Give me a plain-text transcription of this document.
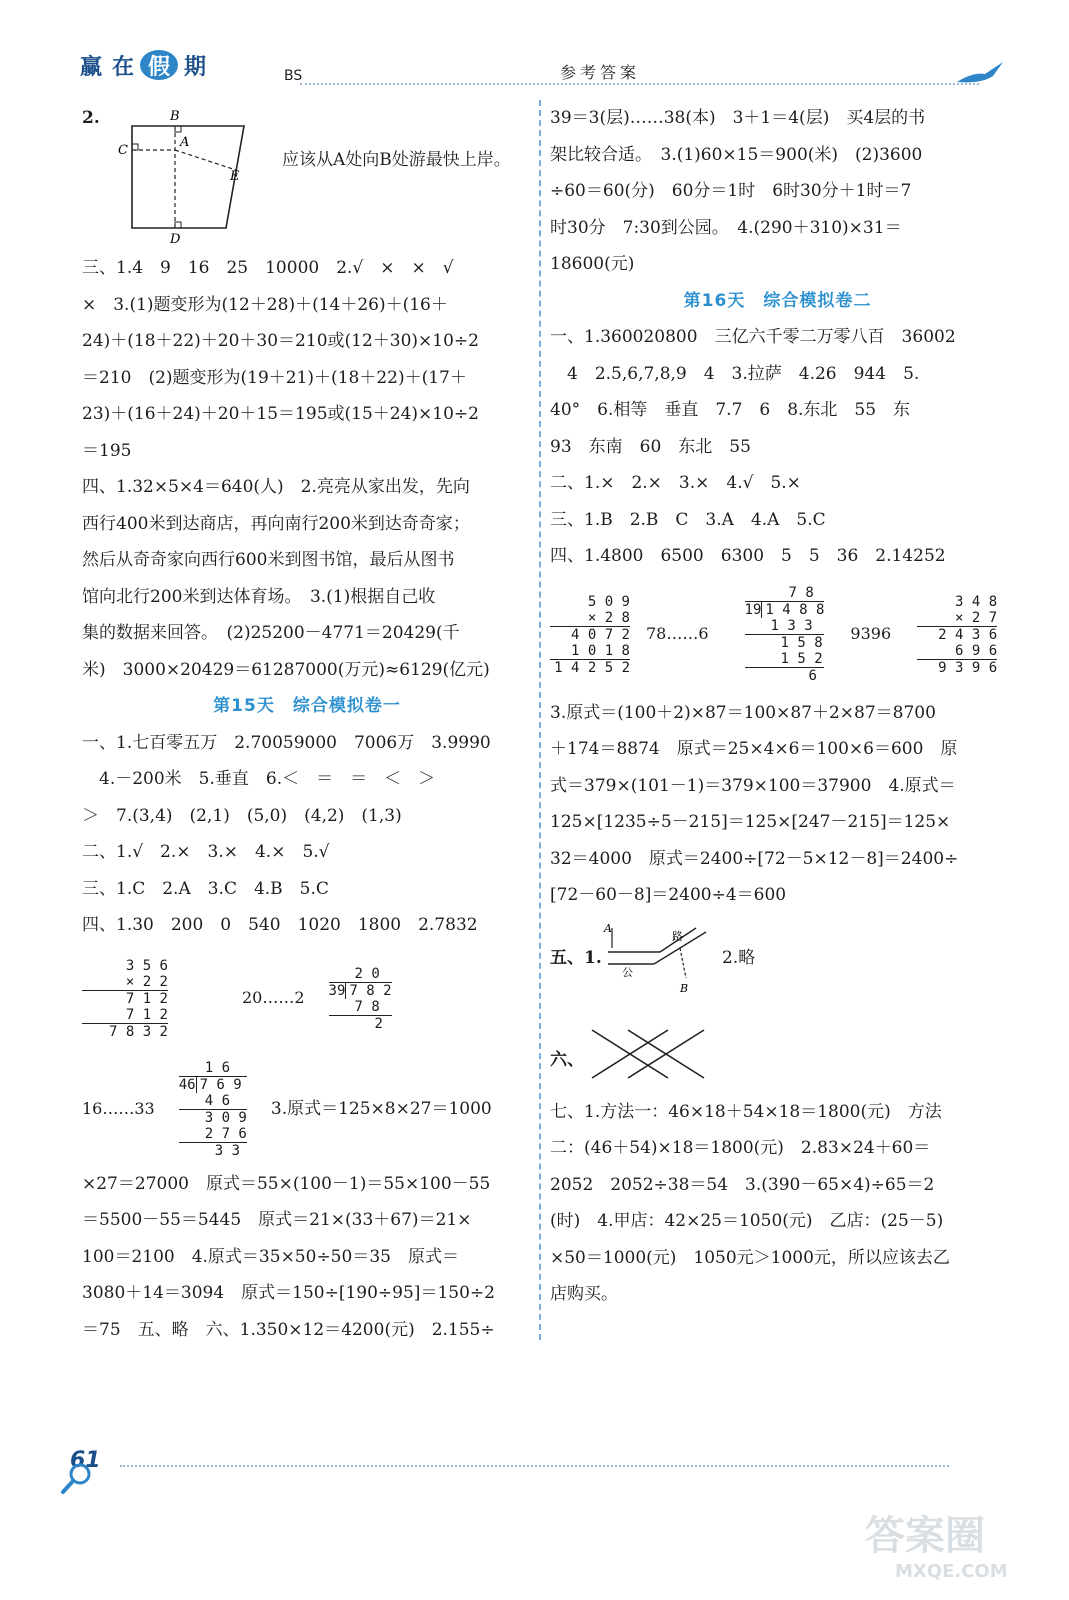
赢 在 假 期	BS	参考答案
2.	B
A
C
E
D
应该从A处向B处游最快上岸。

三、1.4　9　16　25　10000　2.√　×　×　√

×　3.(1)题变形为(12＋28)＋(14＋26)＋(16＋

24)＋(18＋22)＋20＋30＝210或(12＋30)×10÷2

＝210　(2)题变形为(19＋21)＋(18＋22)＋(17＋

23)＋(16＋24)＋20＋15＝195或(15＋24)×10÷2

＝195

四、1.32×5×4＝640(人)　2.亮亮从家出发，先向

西行400米到达商店，再向南行200米到达奇奇家；

然后从奇奇家向西行600米到图书馆，最后从图书

馆向北行200米到达体育场。　3.(1)根据自己收

集的数据来回答。　(2)25200－4771＝20429(千

米)　3000×20429＝61287000(万元)≈6129(亿元)

第15天　综合模拟卷一

一、1.七百零五万　2.70059000　7006万　3.9990

　4.－200米　5.垂直　6.＜　＝　＝　＜　＞

＞　7.(3,4)　(2,1)　(5,0)　(4,2)　(1,3)

二、1.√　2.×　3.×　4.×　5.√

三、1.C　2.A　3.C　4.B　5.C

四、1.30　200　0　540　1020　1800　2.7832

3 5 6
× 2 2
7 1 2
7 1 2
7 8 3 2
20……2
2 0
39 7 8 2
7 8
2
16……33
1 6
46 7 6 9
4 6
3 0 9
2 7 6
3 3
3.原式＝125×8×27＝1000

×27＝27000　原式＝55×(100－1)＝55×100－55

＝5500－55＝5445　原式＝21×(33＋67)＝21×

100＝2100　4.原式＝35×50÷50＝35　原式＝

3080＋14＝3094　原式＝150÷[190÷95]＝150÷2

＝75　五、略　六、1.350×12＝4200(元)　2.155÷

39＝3(层)……38(本)　3＋1＝4(层)　买4层的书

架比较合适。　3.(1)60×15＝900(米)　(2)3600

÷60＝60(分)　60分＝1时　6时30分＋1时＝7

时30分　7:30到公园。　4.(290＋310)×31＝

18600(元)

第16天　综合模拟卷二

一、1.360020800　三亿六千零二万零八百　36002

　4　2.5,6,7,8,9　4　3.拉萨　4.26　944　5.

40°　6.相等　垂直　7.7　6　8.东北　55　东

93　东南　60　东北　55

二、1.×　2.×　3.×　4.√　5.×

三、1.B　2.B　C　3.A　4.A　5.C

四、1.4800　6500　6300　5　5　36　2.14252

5 0 9
× 2 8
4 0 7 2
1 0 1 8
1 4 2 5 2
78……6
7 8
19 1 4 8 8
1 3 3
1 5 8
1 5 2
6
9396
3 4 8
× 2 7
2 4 3 6
6 9 6
9 3 9 6

3.原式＝(100＋2)×87＝100×87＋2×87＝8700

＋174＝8874　原式＝25×4×6＝100×6＝600　原

式＝379×(101－1)＝379×100＝37900　4.原式＝

125×[1235÷5－215]＝125×[247－215]＝125×

32＝4000　原式＝2400÷[72－5×12－8]＝2400÷

[72－60－8]＝2400÷4＝600

五、1.
A
路
公
B
2.略
六、

七、1.方法一：46×18＋54×18＝1800(元)　方法

二：(46＋54)×18＝1800(元)　2.83×24＋60＝

2052　2052÷38＝54　3.(390－65×4)÷65＝2

(时)　4.甲店：42×25＝1050(元)　乙店：(25－5)

×50＝1000(元)　1050元＞1000元，所以应该去乙

店购买。

61
答案圈
MXQE.COM
